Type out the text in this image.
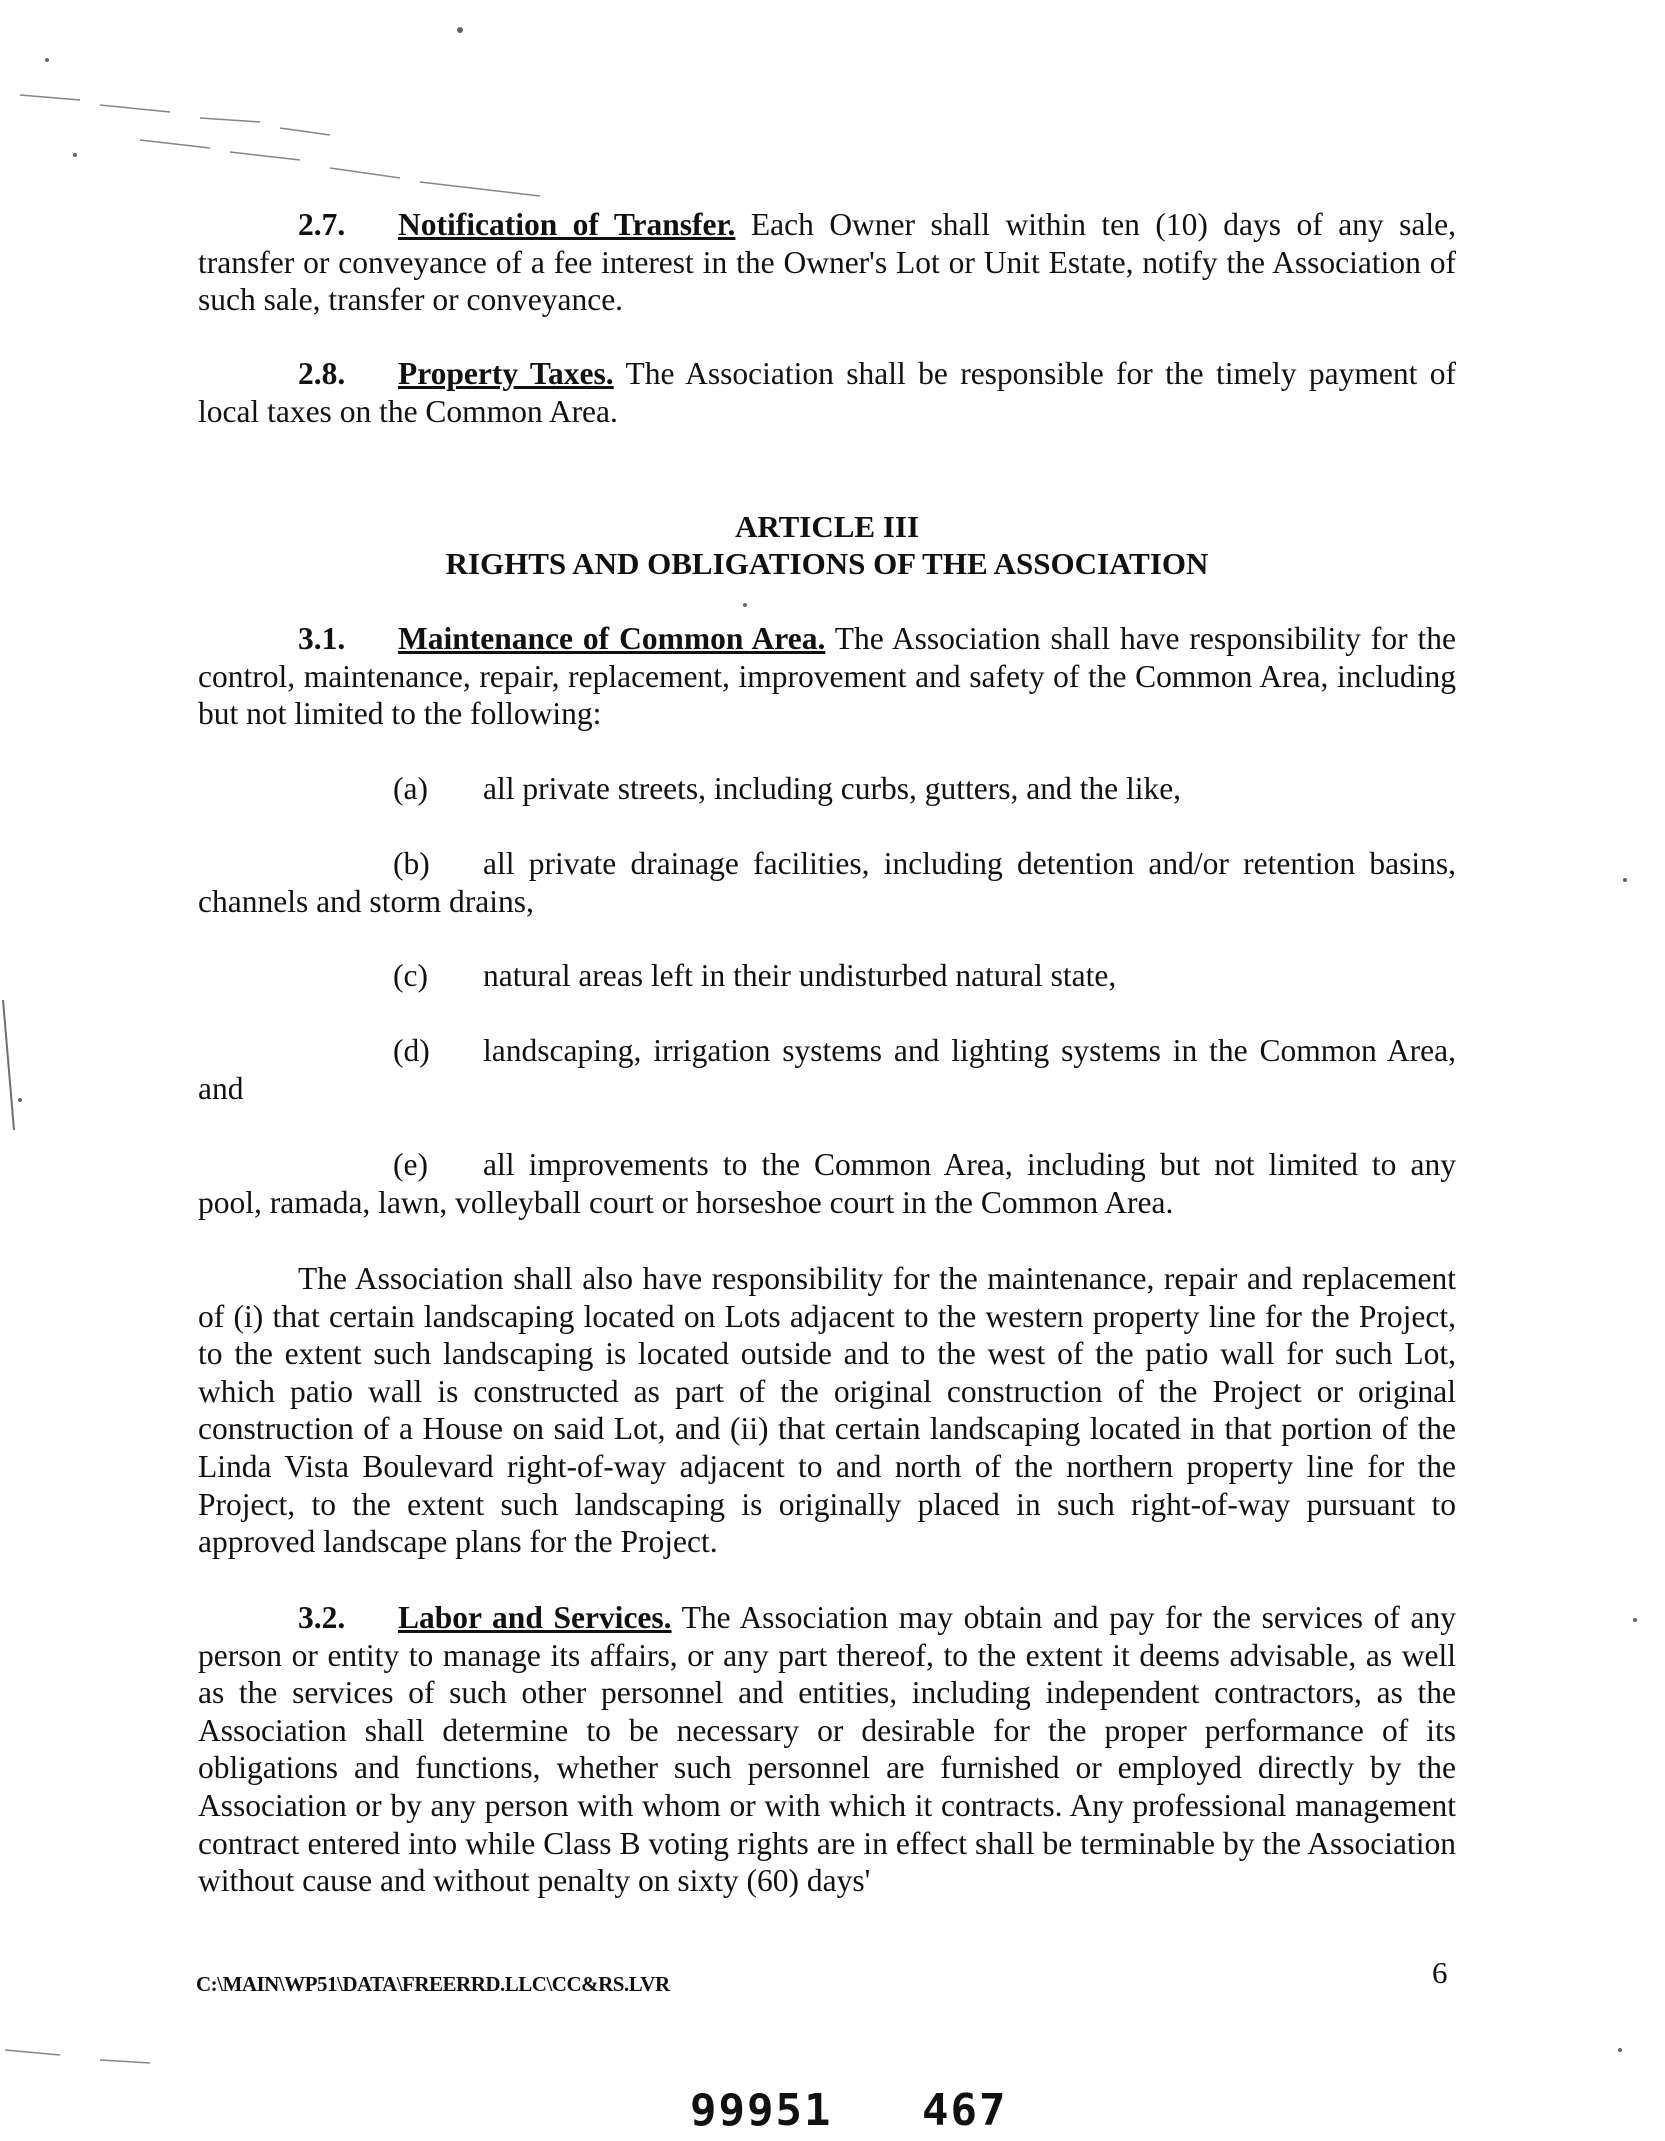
2.7. Notification of Transfer. Each Owner shall within ten (10) days of any sale, transfer or conveyance of a fee interest in the Owner's Lot or Unit Estate, notify the Association of such sale, transfer or conveyance.

2.8. Property Taxes. The Association shall be responsible for the timely payment of local taxes on the Common Area.

ARTICLE III
RIGHTS AND OBLIGATIONS OF THE ASSOCIATION

3.1. Maintenance of Common Area. The Association shall have responsibility for the control, maintenance, repair, replacement, improvement and safety of the Common Area, including but not limited to the following:

(a) all private streets, including curbs, gutters, and the like,

(b) all private drainage facilities, including detention and/or retention basins, channels and storm drains,

(c) natural areas left in their undisturbed natural state,

(d) landscaping, irrigation systems and lighting systems in the Common Area, and

(e) all improvements to the Common Area, including but not limited to any pool, ramada, lawn, volleyball court or horseshoe court in the Common Area.

The Association shall also have responsibility for the maintenance, repair and replacement of (i) that certain landscaping located on Lots adjacent to the western property line for the Project, to the extent such landscaping is located outside and to the west of the patio wall for such Lot, which patio wall is constructed as part of the original construction of the Project or original construction of a House on said Lot, and (ii) that certain landscaping located in that portion of the Linda Vista Boulevard right-of-way adjacent to and north of the northern property line for the Project, to the extent such landscaping is originally placed in such right-of-way pursuant to approved landscape plans for the Project.

3.2. Labor and Services. The Association may obtain and pay for the services of any person or entity to manage its affairs, or any part thereof, to the extent it deems advisable, as well as the services of such other personnel and entities, including independent contractors, as the Association shall determine to be necessary or desirable for the proper performance of its obligations and functions, whether such personnel are furnished or employed directly by the Association or by any person with whom or with which it contracts. Any professional management contract entered into while Class B voting rights are in effect shall be terminable by the Association without cause and without penalty on sixty (60) days'

C:\MAIN\WP51\DATA\FREERRD.LLC\CC&RS.LVR	6
99951 467
